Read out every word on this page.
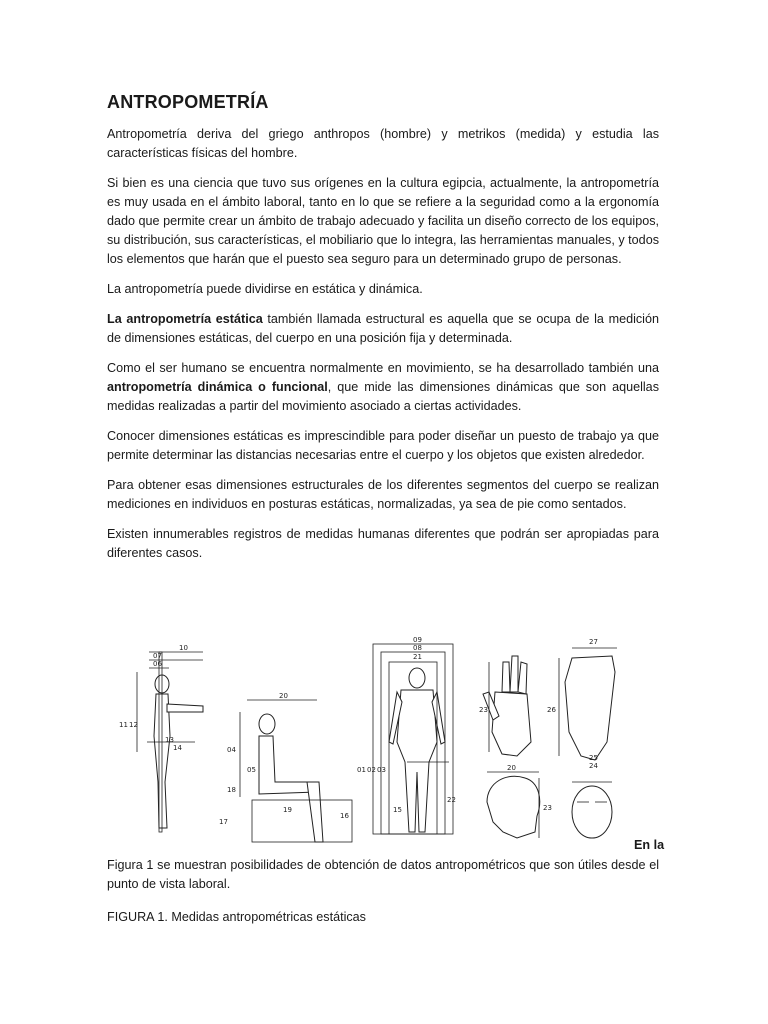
ANTROPOMETRÍA

Antropometría deriva del griego anthropos (hombre) y metrikos (medida) y estudia las características físicas del hombre.

Si bien es una ciencia que tuvo sus orígenes en la cultura egipcia, actualmente, la antropometría es muy usada en el ámbito laboral, tanto en lo que se refiere a la seguridad como a la ergonomía dado que permite crear un ámbito de trabajo adecuado y facilita un diseño correcto de los equipos, su distribución, sus características, el mobiliario que lo integra, las herramientas manuales, y todos los elementos que harán que el puesto sea seguro para un determinado grupo de personas.

La antropometría puede dividirse en estática y dinámica.

La antropometría estática también llamada estructural es aquella que se ocupa de la medición de dimensiones estáticas, del cuerpo en una posición fija y determinada.

Como el ser humano se encuentra normalmente en movimiento, se ha desarrollado también una antropometría dinámica o funcional, que mide las dimensiones dinámicas que son aquellas medidas realizadas a partir del movimiento asociado a ciertas actividades.

Conocer dimensiones estáticas es imprescindible para poder diseñar un puesto de trabajo ya que permite determinar las distancias necesarias entre el cuerpo y los objetos que existen alrededor.

Para obtener esas dimensiones estructurales de los diferentes segmentos del cuerpo se realizan mediciones en individuos en posturas estáticas, normalizadas, ya sea de pie como sentados.

Existen innumerables registros de medidas humanas diferentes que podrán ser apropiadas para diferentes casos.

10
07
06
11 12
13
14
20
04
05
18
17
19
16
09
08
21
01 02 03
15
22
23
27
26
25
24
20
23
En la

Figura 1 se muestran posibilidades de obtención de datos antropométricos que son útiles desde el punto de vista laboral.

FIGURA 1. Medidas antropométricas estáticas
